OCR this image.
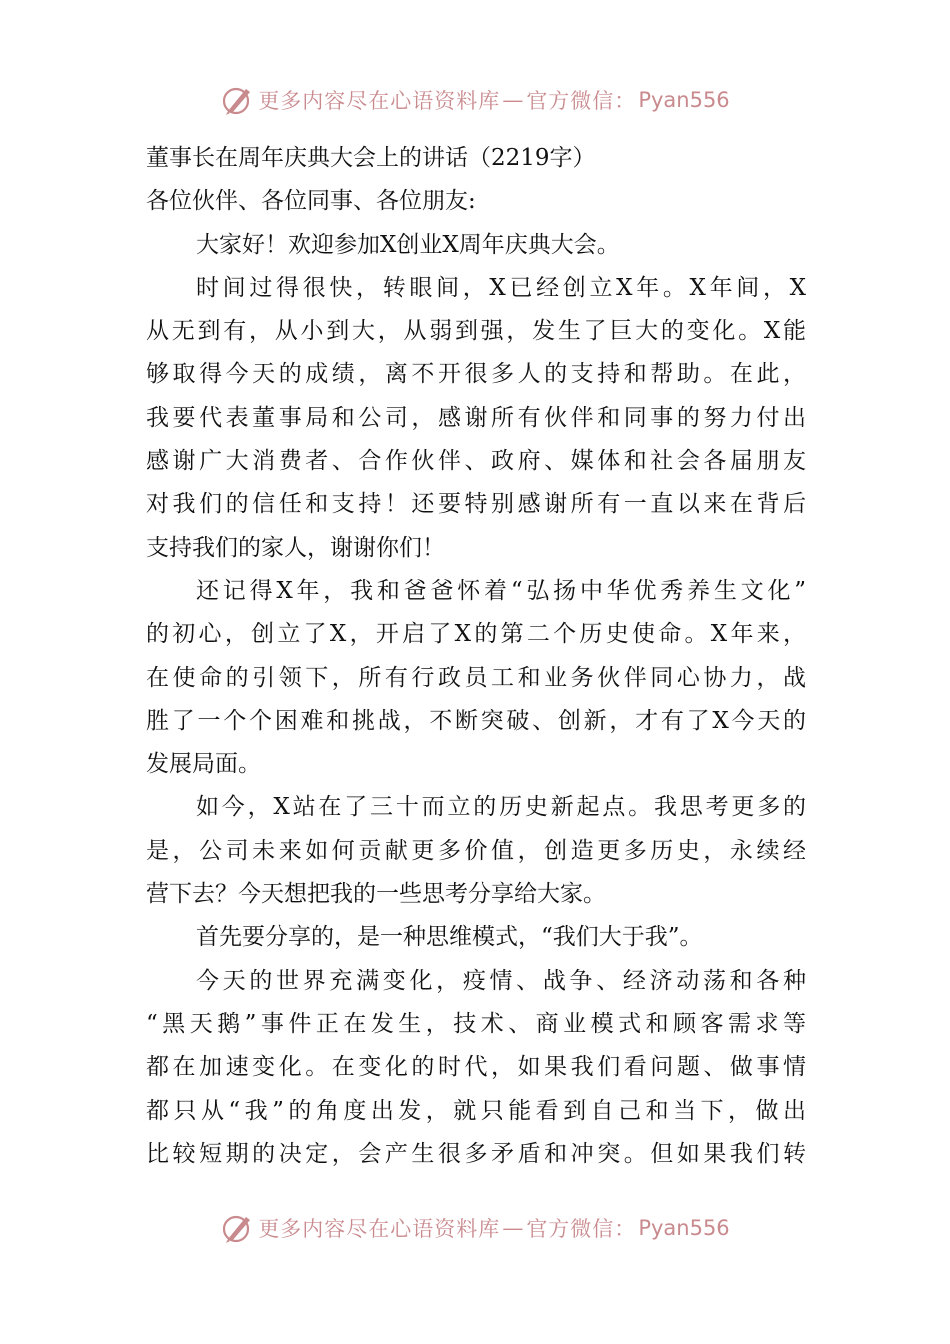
更多内容尽在心语资料库 — 官方微信： Pyan556
董事长在周年庆典大会上的讲话（2219字）
各位伙伴、各位同事、各位朋友:
大家好！欢迎参加X创业X周年庆典大会。
时间过得很快，转眼间，X已经创立X年。X年间，X
从无到有，从小到大，从弱到强，发生了巨大的变化。X能
够取得今天的成绩，离不开很多人的支持和帮助。在此，
我要代表董事局和公司，感谢所有伙伴和同事的努力付出
感谢广大消费者、合作伙伴、政府、媒体和社会各届朋友
对我们的信任和支持！还要特别感谢所有一直以来在背后
支持我们的家人，谢谢你们！
还记得X年，我和爸爸怀着“弘扬中华优秀养生文化”
的初心，创立了X，开启了X的第二个历史使命。X年来，
在使命的引领下，所有行政员工和业务伙伴同心协力，战
胜了一个个困难和挑战，不断突破、创新，才有了X今天的
发展局面。
如今，X站在了三十而立的历史新起点。我思考更多的
是，公司未来如何贡献更多价值，创造更多历史，永续经
营下去？今天想把我的一些思考分享给大家。
首先要分享的，是一种思维模式，“我们大于我”。
今天的世界充满变化，疫情、战争、经济动荡和各种
“黑天鹅”事件正在发生，技术、商业模式和顾客需求等
都在加速变化。在变化的时代，如果我们看问题、做事情
都只从“我”的角度出发，就只能看到自己和当下，做出
比较短期的决定，会产生很多矛盾和冲突。但如果我们转
更多内容尽在心语资料库 — 官方微信： Pyan556
